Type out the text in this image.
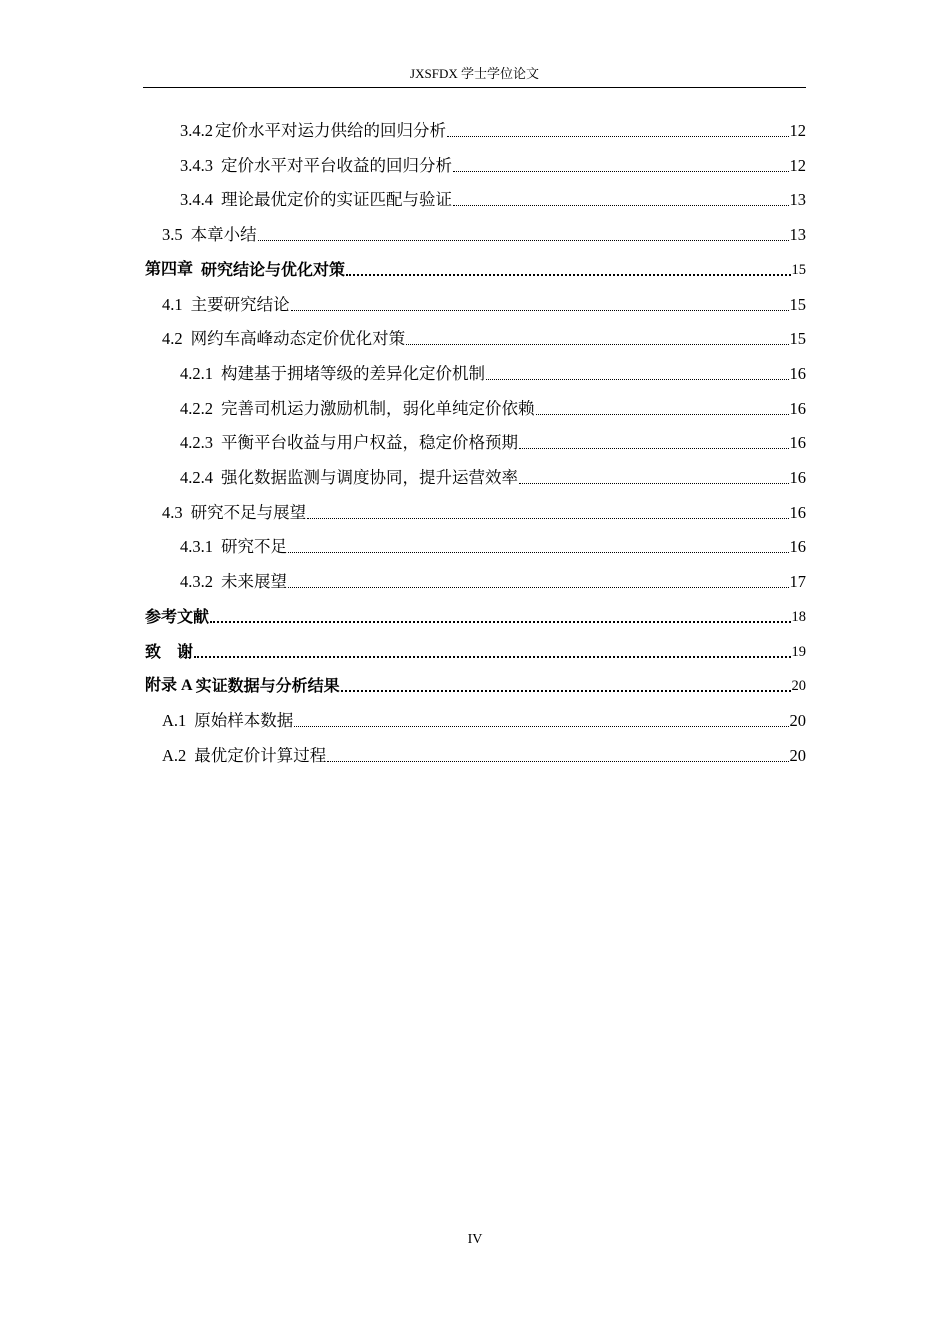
JXSFDX 学士学位论文
3.4.2 定价水平对运力供给的回归分析	12
3.4.3 定价水平对平台收益的回归分析	12
3.4.4 理论最优定价的实证匹配与验证	13
3.5 本章小结	13
第四章 研究结论与优化对策	15
4.1 主要研究结论	15
4.2 网约车高峰动态定价优化对策	15
4.2.1 构建基于拥堵等级的差异化定价机制	16
4.2.2 完善司机运力激励机制，弱化单纯定价依赖	16
4.2.3 平衡平台收益与用户权益，稳定价格预期	16
4.2.4 强化数据监测与调度协同，提升运营效率	16
4.3 研究不足与展望	16
4.3.1 研究不足	16
4.3.2 未来展望	17
参考文献	18
致　谢	19
附录 A 实证数据与分析结果	20
A.1 原始样本数据	20
A.2 最优定价计算过程	20
IV
